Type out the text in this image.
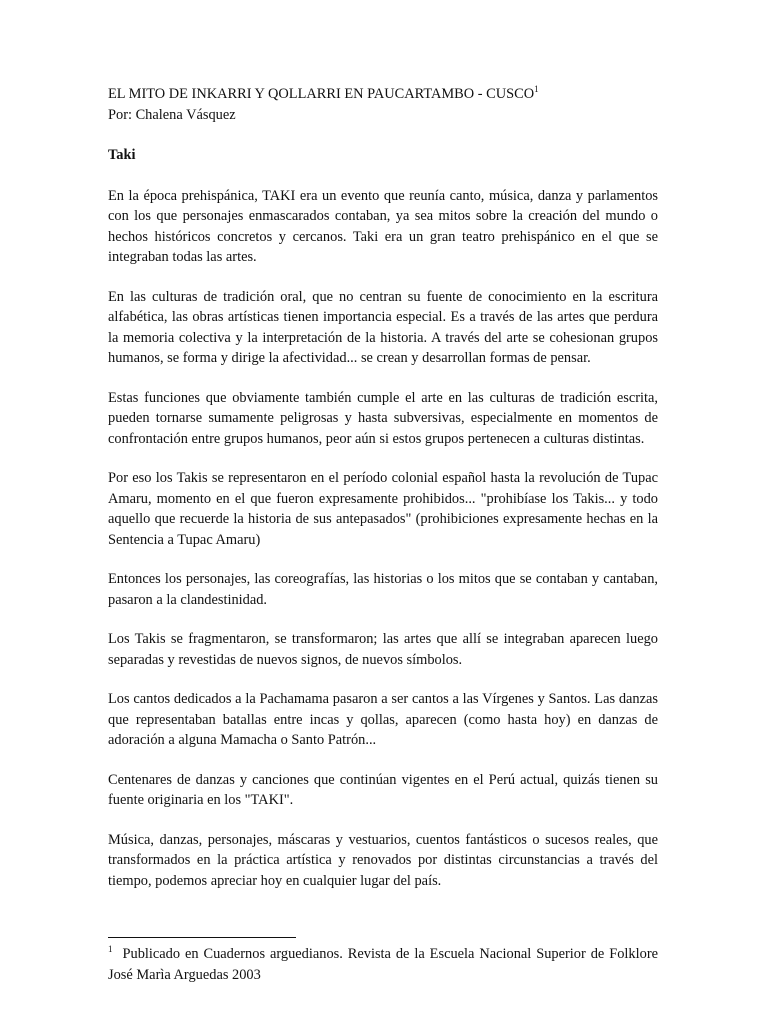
EL MITO DE INKARRI Y QOLLARRI EN PAUCARTAMBO - CUSCO$^1$

Por: Chalena Vásquez

Taki

En la época prehispánica, TAKI era un evento que reunía canto, música, danza y parlamentos con los que personajes enmascarados contaban, ya sea mitos sobre la creación del mundo o hechos históricos concretos y cercanos. Taki era un gran teatro prehispánico en el que se integraban todas las artes.

En las culturas de tradición oral, que no centran su fuente de conocimiento en la escritura alfabética, las obras artísticas tienen importancia especial. Es a través de las artes que perdura la memoria colectiva y la interpretación de la historia. A través del arte se cohesionan grupos humanos, se forma y dirige la afectividad... se crean y desarrollan formas de pensar.

Estas funciones que obviamente también cumple el arte en las culturas de tradición escrita, pueden tornarse sumamente peligrosas y hasta subversivas, especialmente en momentos de confrontación entre grupos humanos, peor aún si estos grupos pertenecen a culturas distintas.

Por eso los Takis se representaron en el período colonial español hasta la revolución de Tupac Amaru, momento en el que fueron expresamente prohibidos... "prohibíase los Takis... y todo aquello que recuerde la historia de sus antepasados" (prohibiciones expresamente hechas en la Sentencia a Tupac Amaru)

Entonces los personajes, las coreografías, las historias o los mitos que se contaban y cantaban, pasaron a la clandestinidad.

Los Takis se fragmentaron, se transformaron; las artes que allí se integraban aparecen luego separadas y revestidas de nuevos signos, de nuevos símbolos.

Los cantos dedicados a la Pachamama pasaron a ser cantos a las Vírgenes y Santos. Las danzas que representaban batallas entre incas y qollas, aparecen (como hasta hoy) en danzas de adoración a alguna Mamacha o Santo Patrón...

Centenares de danzas y canciones que continúan vigentes en el Perú actual, quizás tienen su fuente originaria en los "TAKI".

Música, danzas, personajes, máscaras y vestuarios, cuentos fantásticos o sucesos reales, que transformados en la práctica artística y renovados por distintas circunstancias a través del tiempo, podemos apreciar hoy en cualquier lugar del país.

$^1$ Publicado en Cuadernos arguedianos. Revista de la Escuela Nacional Superior de Folklore José Marìa Arguedas 2003
